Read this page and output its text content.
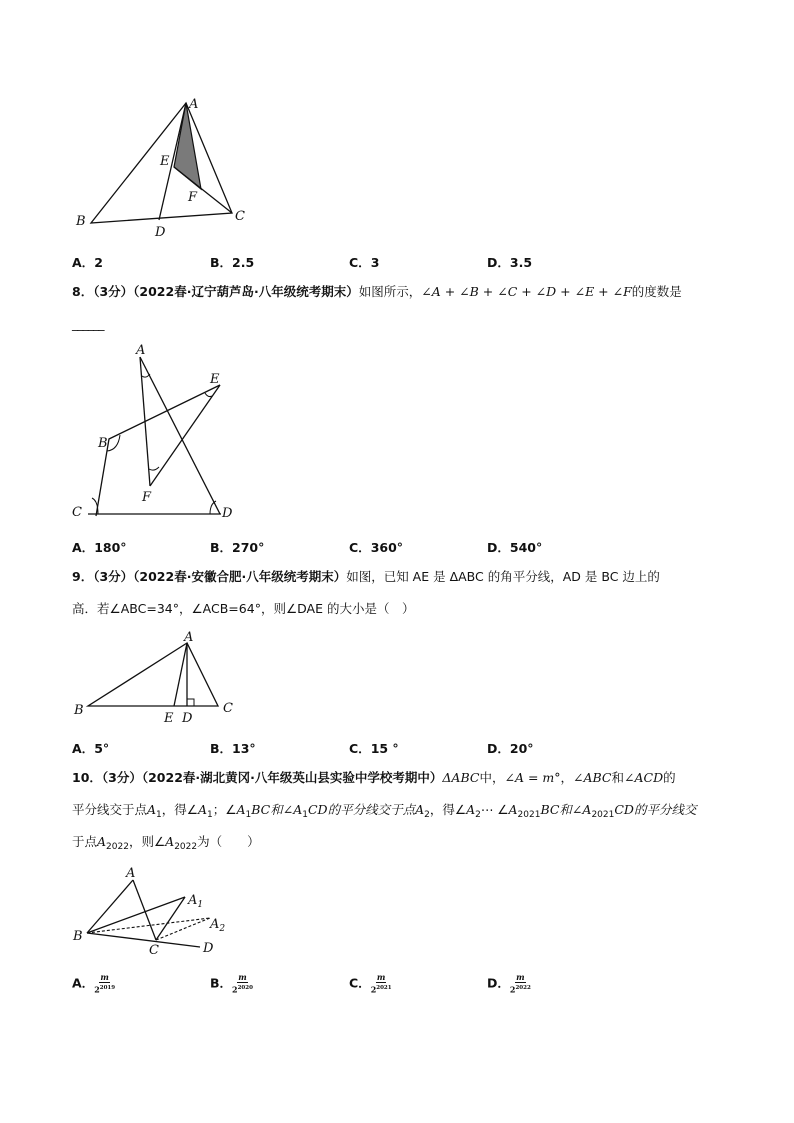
A
B	C
D
E
F
A．2	B．2.5	C．3	D．3.5
8．（3分）（2022春·辽宁葫芦岛·八年级统考期末）如图所示，∠A + ∠B + ∠C + ∠D + ∠E + ∠F的度数是
______
A
B
C	D
E
F
A．180°	B．270°	C．360°	D．540°
9．（3分）（2022春·安徽合肥·八年级统考期末）如图，已知 AE 是 ΔABC 的角平分线，AD 是 BC 边上的
高．若∠ABC=34°，∠ACB=64°，则∠DAE 的大小是（　）
A
B	C
D
E
A．5°	B．13°	C．15 °	D．20°
10．（3分）（2022春·湖北黄冈·八年级英山县实验中学校考期中）ΔABC中，∠A = m°，∠ABC和∠ACD的
平分线交于点$A_1$，得$\angle A_1$；$\angle A_1BC$和$\angle A_1CD$的平分线交于点$A_2$，得$\angle A_2\cdots$ $\angle A_{2021}BC$和$\angle A_{2021}CD$的平分线交
于点$A_{2022}$，则$\angle A_{2022}$为（　　）
A
$A_1$
$A_2$
B
C	D
A． $\frac{m}{2^{2019}}$	B． $\frac{m}{2^{2020}}$	C． $\frac{m}{2^{2021}}$	D． $\frac{m}{2^{2022}}$
